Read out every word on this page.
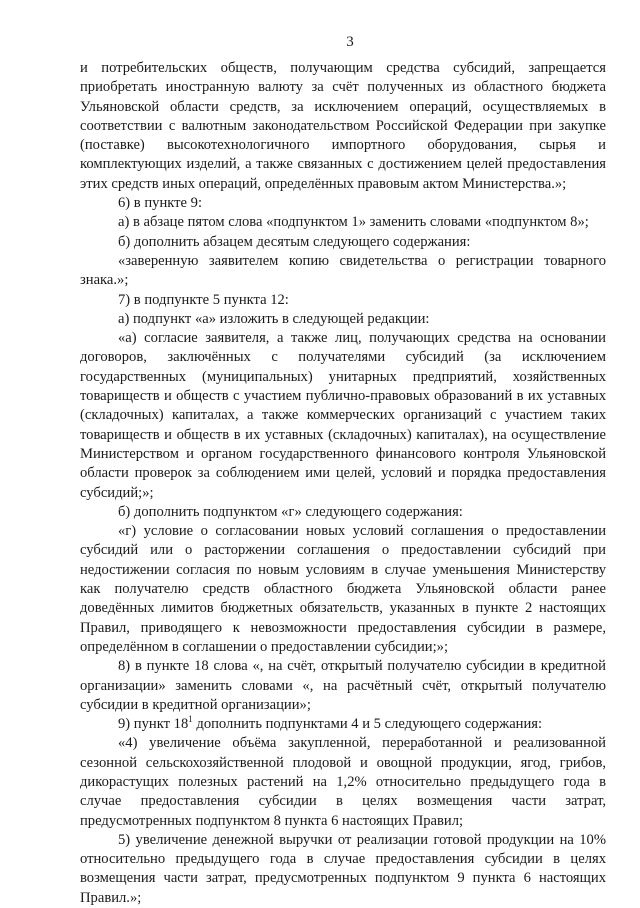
3

и потребительских обществ, получающим средства субсидий, запрещается приобретать иностранную валюту за счёт полученных из областного бюджета Ульяновской области средств, за исключением операций, осуществляемых в соответствии с валютным законодательством Российской Федерации при закупке (поставке) высокотехнологичного импортного оборудования, сырья и комплектующих изделий, а также связанных с достижением целей предоставления этих средств иных операций, определённых правовым актом Министерства.»;

6) в пункте 9:

а) в абзаце пятом слова «подпунктом 1» заменить словами «подпунктом 8»;

б) дополнить абзацем десятым следующего содержания:

«заверенную заявителем копию свидетельства о регистрации товарного знака.»;

7) в подпункте 5 пункта 12:

а) подпункт «а» изложить в следующей редакции:

«а) согласие заявителя, а также лиц, получающих средства на основании договоров, заключённых с получателями субсидий (за исключением государственных (муниципальных) унитарных предприятий, хозяйственных товариществ и обществ с участием публично-правовых образований в их уставных (складочных) капиталах, а также коммерческих организаций с участием таких товариществ и обществ в их уставных (складочных) капиталах), на осуществление Министерством и органом государственного финансового контроля Ульяновской области проверок за соблюдением ими целей, условий и порядка предоставления субсидий;»;

б) дополнить подпунктом «г» следующего содержания:

«г) условие о согласовании новых условий соглашения о предоставлении субсидий или о расторжении соглашения о предоставлении субсидий при недостижении согласия по новым условиям в случае уменьшения Министерству как получателю средств областного бюджета Ульяновской области ранее доведённых лимитов бюджетных обязательств, указанных в пункте 2 настоящих Правил, приводящего к невозможности предоставления субсидии в размере, определённом в соглашении о предоставлении субсидии;»;

8) в пункте 18 слова «, на счёт, открытый получателю субсидии в кредитной организации» заменить словами «, на расчётный счёт, открытый получателю субсидии в кредитной организации»;

9) пункт $18^1$ дополнить подпунктами 4 и 5 следующего содержания:

«4) увеличение объёма закупленной, переработанной и реализованной сезонной сельскохозяйственной плодовой и овощной продукции, ягод, грибов, дикорастущих полезных растений на 1,2% относительно предыдущего года в случае предоставления субсидии в целях возмещения части затрат, предусмотренных подпунктом 8 пункта 6 настоящих Правил;

5) увеличение денежной выручки от реализации готовой продукции на 10% относительно предыдущего года в случае предоставления субсидии в целях возмещения части затрат, предусмотренных подпунктом 9 пункта 6 настоящих Правил.»;
